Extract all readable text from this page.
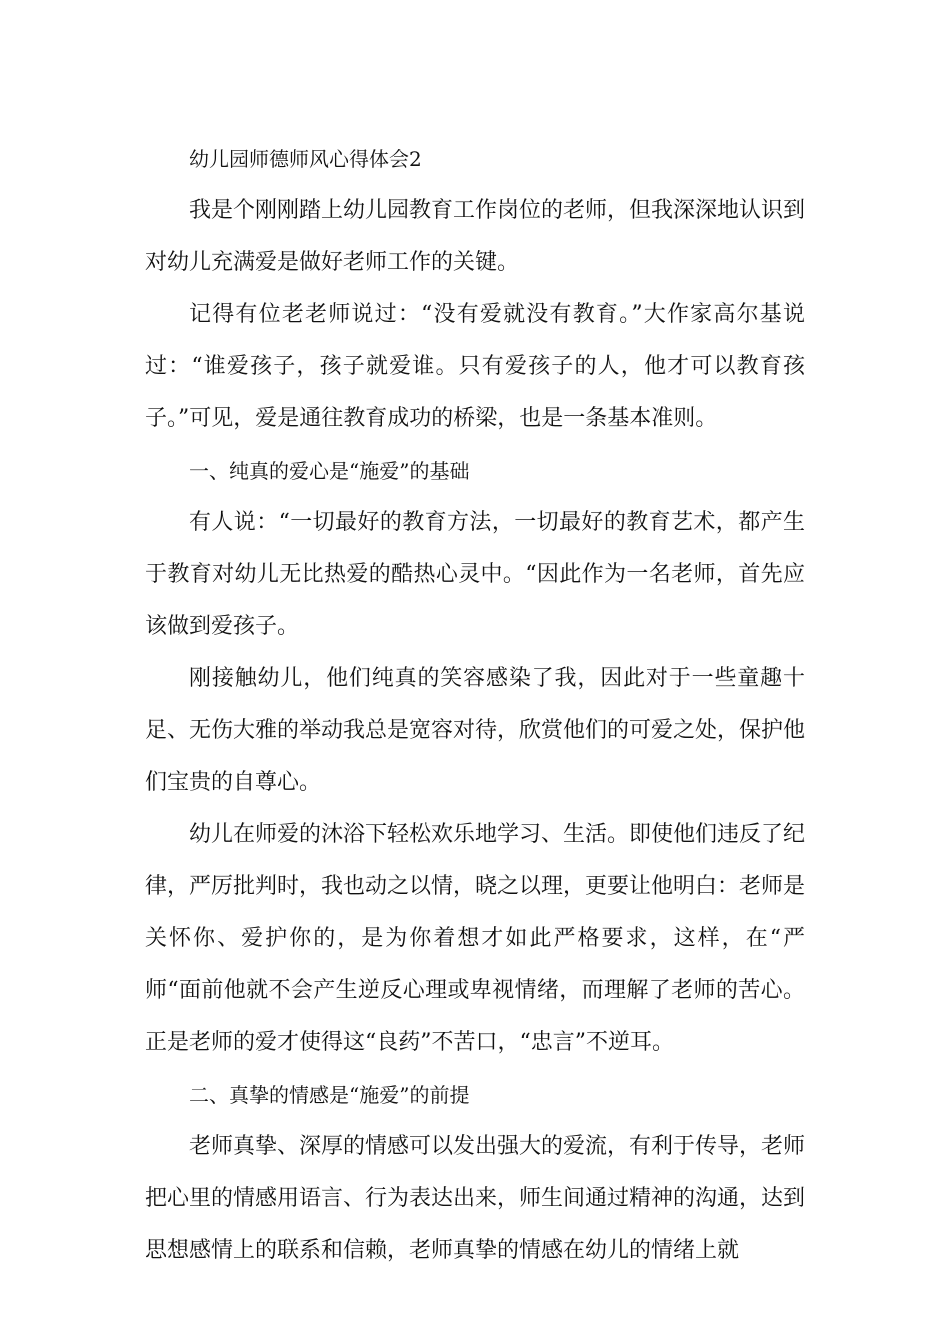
幼儿园师德师风心得体会2

我是个刚刚踏上幼儿园教育工作岗位的老师，但我深深地认识到对幼儿充满爱是做好老师工作的关键。

记得有位老老师说过：“没有爱就没有教育。”大作家高尔基说过：“谁爱孩子，孩子就爱谁。只有爱孩子的人，他才可以教育孩子。”可见，爱是通往教育成功的桥梁，也是一条基本准则。

一、纯真的爱心是“施爱”的基础

有人说：“一切最好的教育方法，一切最好的教育艺术，都产生于教育对幼儿无比热爱的酷热心灵中。“因此作为一名老师，首先应该做到爱孩子。

刚接触幼儿，他们纯真的笑容感染了我，因此对于一些童趣十足、无伤大雅的举动我总是宽容对待，欣赏他们的可爱之处，保护他们宝贵的自尊心。

幼儿在师爱的沐浴下轻松欢乐地学习、生活。即使他们违反了纪律，严厉批判时，我也动之以情，晓之以理，更要让他明白：老师是关怀你、爱护你的，是为你着想才如此严格要求，这样，在“严师“面前他就不会产生逆反心理或卑视情绪，而理解了老师的苦心。正是老师的爱才使得这“良药”不苦口，“忠言”不逆耳。

二、真挚的情感是“施爱”的前提

老师真挚、深厚的情感可以发出强大的爱流，有利于传导，老师把心里的情感用语言、行为表达出来，师生间通过精神的沟通，达到思想感情上的联系和信赖，老师真挚的情感在幼儿的情绪上就
